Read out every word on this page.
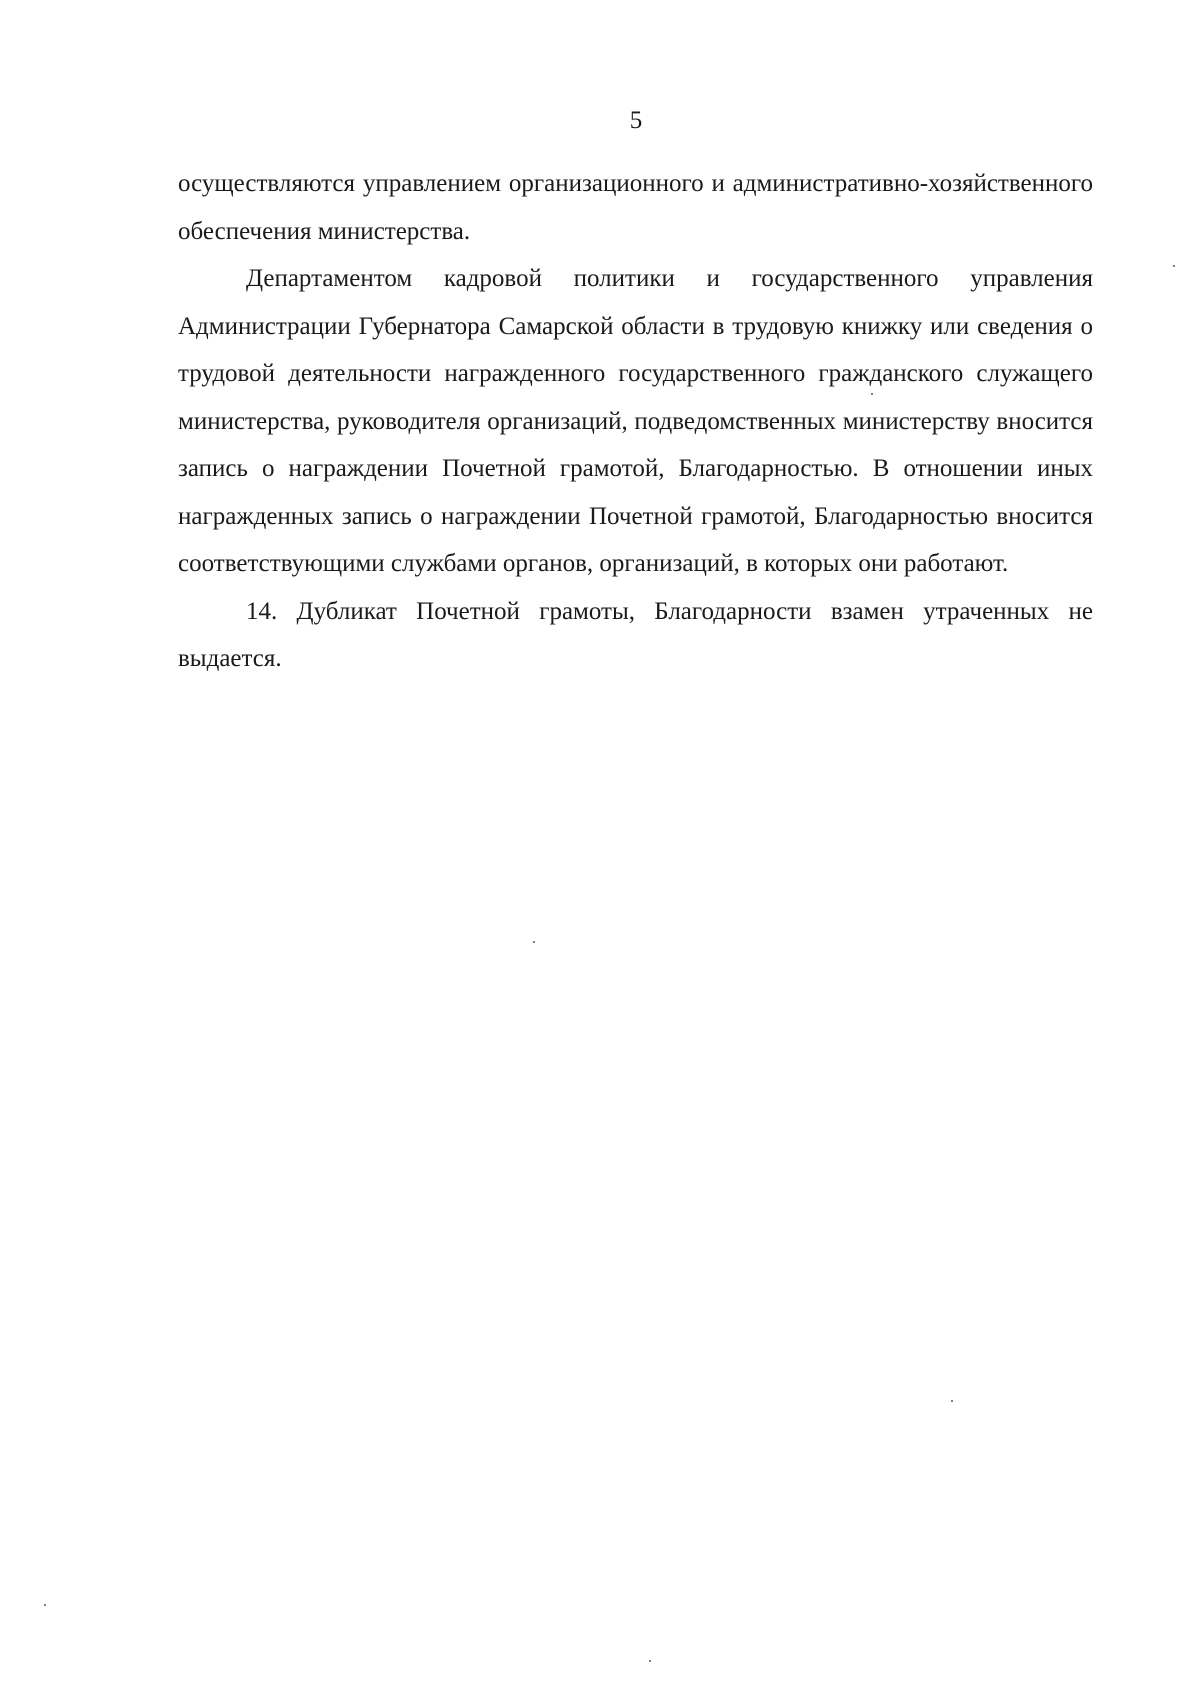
5

осуществляются управлением организационного и административно-хозяйственного обеспечения министерства.

Департаментом кадровой политики и государственного управления Администрации Губернатора Самарской области в трудовую книжку или сведения о трудовой деятельности награжденного государственного гражданского служащего министерства, руководителя организаций, подведомственных министерству вносится запись о награждении Почетной грамотой, Благодарностью. В отношении иных награжденных запись о награждении Почетной грамотой, Благодарностью вносится соответствующими службами органов, организаций, в которых они работают.

14. Дубликат Почетной грамоты, Благодарности взамен утраченных не выдается.
